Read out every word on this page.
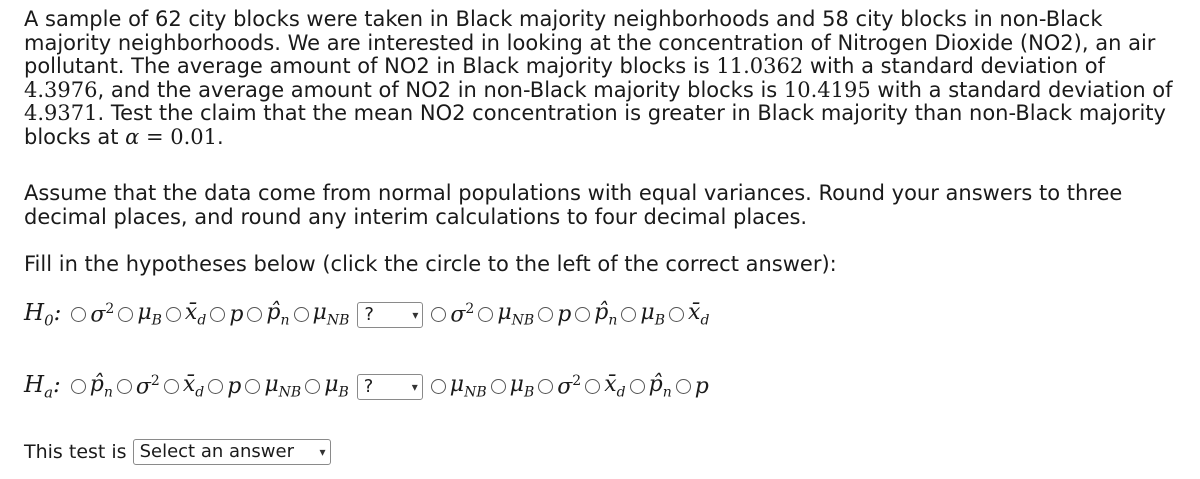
A sample of 62 city blocks were taken in Black majority neighborhoods and 58 city blocks in non-Black majority neighborhoods. We are interested in looking at the concentration of Nitrogen Dioxide (NO2), an air pollutant. The average amount of NO2 in Black majority blocks is 11.0362 with a standard deviation of 4.3976, and the average amount of NO2 in non-Black majority blocks is 10.4195 with a standard deviation of 4.9371. Test the claim that the mean NO2 concentration is greater in Black majority than non-Black majority blocks at α = 0.01.

Assume that the data come from normal populations with equal variances. Round your answers to three decimal places, and round any interim calculations to four decimal places.

Fill in the hypotheses below (click the circle to the left of the correct answer):

$H_0$: $\sigma^2$ $\mu_B$ $x̄_d$ p $p̂_n$ $\mu_{NB}$ ?	▾ $\sigma^2$ $\mu_{NB}$ p $p̂_n$ $\mu_B$ $x̄_d$
$H_a$: $p̂_n$ $\sigma^2$ $x̄_d$ p $\mu_{NB}$ $\mu_B$ ?	▾ $\mu_{NB}$ $\mu_B$ $\sigma^2$ $x̄_d$ $p̂_n$ p
This test is Select an answer ▾
